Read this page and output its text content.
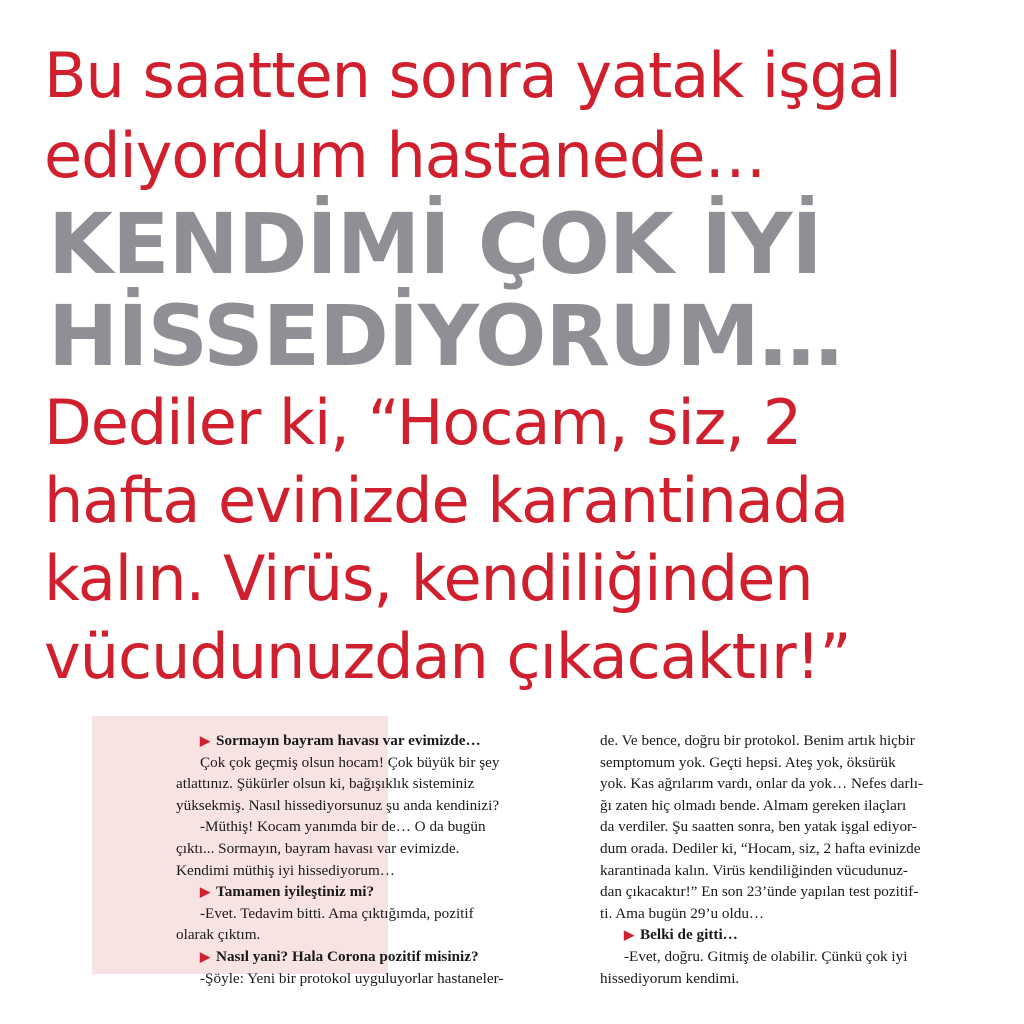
Bu saatten sonra yatak işgal
ediyordum hastanede…
KENDİMİ ÇOK İYİ
HİSSEDİYORUM…
Dediler ki, “Hocam, siz, 2
hafta evinizde karantinada
kalın. Virüs, kendiliğinden
vücudunuzdan çıkacaktır!”
▶ Sormayın bayram havası var evimizde…

Çok çok geçmiş olsun hocam! Çok büyük bir şey

atlattınız. Şükürler olsun ki, bağışıklık sisteminiz

yüksekmiş. Nasıl hissediyorsunuz şu anda kendinizi?

-Müthiş! Kocam yanımda bir de… O da bugün

çıktı... Sormayın, bayram havası var evimizde.

Kendimi müthiş iyi hissediyorum…

▶ Tamamen iyileştiniz mi?

-Evet. Tedavim bitti. Ama çıktığımda, pozitif

olarak çıktım.

▶ Nasıl yani? Hala Corona pozitif misiniz?

-Şöyle: Yeni bir protokol uyguluyorlar hastaneler-

de. Ve bence, doğru bir protokol. Benim artık hiçbir

semptomum yok. Geçti hepsi. Ateş yok, öksürük

yok. Kas ağrılarım vardı, onlar da yok… Nefes darlı-

ğı zaten hiç olmadı bende. Almam gereken ilaçları

da verdiler. Şu saatten sonra, ben yatak işgal ediyor-

dum orada. Dediler ki, “Hocam, siz, 2 hafta evinizde

karantinada kalın. Virüs kendiliğinden vücudunuz-

dan çıkacaktır!” En son 23’ünde yapılan test pozitif-

ti. Ama bugün 29’u oldu…

▶ Belki de gitti…

-Evet, doğru. Gitmiş de olabilir. Çünkü çok iyi

hissediyorum kendimi.
